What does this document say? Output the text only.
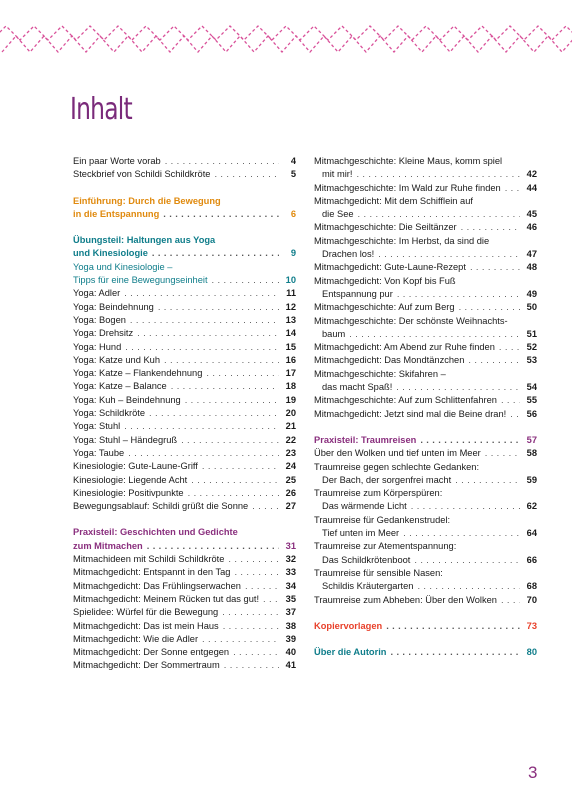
Inhalt
Ein paar Worte vorab . . .	4
Steckbrief von Schildi Schildkröte . . .	5
Einführung: Durch die Bewegung
in die Entspannung . . .	6
Übungsteil: Haltungen aus Yoga
und Kinesiologie . . .	9
Yoga und Kinesiologie –
Tipps für eine Bewegungseinheit . . .	10
Yoga: Adler . . .	11
Yoga: Beindehnung . . .	12
Yoga: Bogen . . .	13
Yoga: Drehsitz . . .	14
Yoga: Hund . . .	15
Yoga: Katze und Kuh . . .	16
Yoga: Katze – Flankendehnung . . .	17
Yoga: Katze – Balance . . .	18
Yoga: Kuh – Beindehnung . . .	19
Yoga: Schildkröte . . .	20
Yoga: Stuhl . . .	21
Yoga: Stuhl – Händegruß . . .	22
Yoga: Taube . . .	23
Kinesiologie: Gute-Laune-Griff . . .	24
Kinesiologie: Liegende Acht . . .	25
Kinesiologie: Positivpunkte . . .	26
Bewegungsablauf: Schildi grüßt die Sonne . . .	27
Praxisteil: Geschichten und Gedichte
zum Mitmachen . . .	31
Mitmachideen mit Schildi Schildkröte . . .	32
Mitmachgedicht: Entspannt in den Tag . . .	33
Mitmachgedicht: Das Frühlingserwachen . . .	34
Mitmachgedicht: Meinem Rücken tut das gut! . . .	35
Spielidee: Würfel für die Bewegung . . .	37
Mitmachgedicht: Das ist mein Haus . . .	38
Mitmachgedicht: Wie die Adler . . .	39
Mitmachgedicht: Der Sonne entgegen . . .	40
Mitmachgedicht: Der Sommertraum . . .	41
Mitmachgeschichte: Kleine Maus, komm spiel
mit mir! . . .	42
Mitmachgeschichte: Im Wald zur Ruhe finden . . .	44
Mitmachgedicht: Mit dem Schifflein auf
die See . . .	45
Mitmachgeschichte: Die Seiltänzer . . .	46
Mitmachgeschichte: Im Herbst, da sind die
Drachen los! . . .	47
Mitmachgedicht: Gute-Laune-Rezept . . .	48
Mitmachgedicht: Von Kopf bis Fuß
Entspannung pur . . .	49
Mitmachgeschichte: Auf zum Berg . . .	50
Mitmachgeschichte: Der schönste Weihnachts-
baum . . .	51
Mitmachgedicht: Am Abend zur Ruhe finden . . .	52
Mitmachgedicht: Das Mondtänzchen . . .	53
Mitmachgeschichte: Skifahren –
das macht Spaß! . . .	54
Mitmachgeschichte: Auf zum Schlittenfahren . . .	55
Mitmachgedicht: Jetzt sind mal die Beine dran! . . .	56
Praxisteil: Traumreisen . . .	57
Über den Wolken und tief unten im Meer . . .	58
Traumreise gegen schlechte Gedanken:
Der Bach, der sorgenfrei macht . . .	59
Traumreise zum Körperspüren:
Das wärmende Licht . . .	62
Traumreise für Gedankenstrudel:
Tief unten im Meer . . .	64
Traumreise zur Atementspannung:
Das Schildkrötenboot . . .	66
Traumreise für sensible Nasen:
Schildis Kräutergarten . . .	68
Traumreise zum Abheben: Über den Wolken . . .	70
Kopiervorlagen . . .	73
Über die Autorin . . .	80
3
